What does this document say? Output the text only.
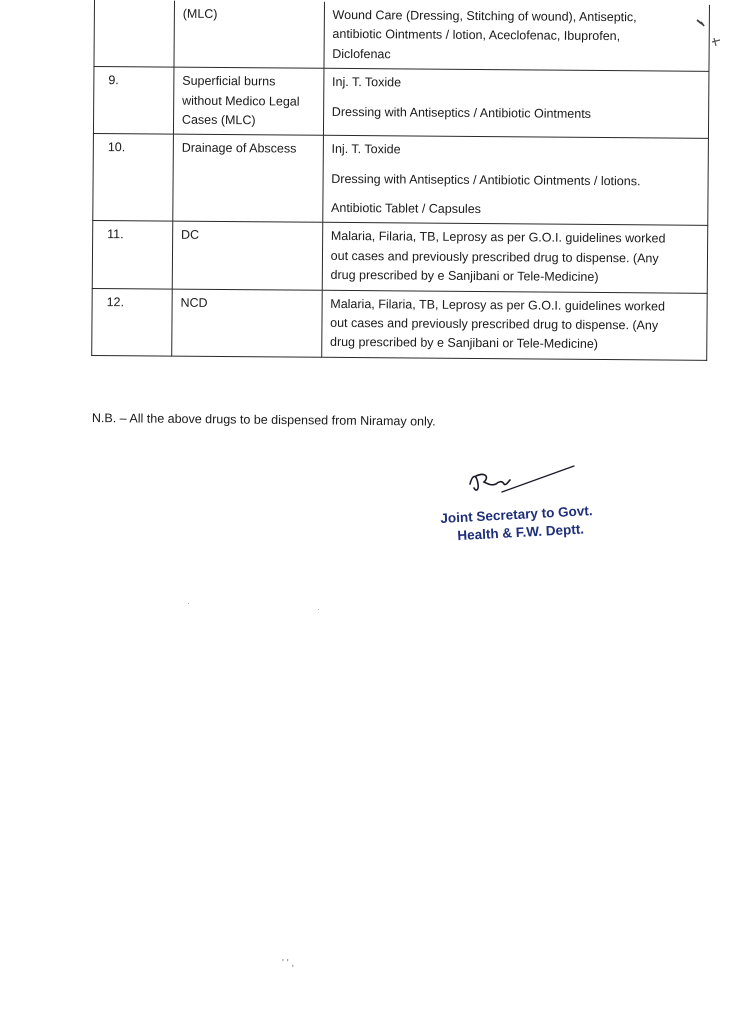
	(MLC)	Wound Care (Dressing, Stitching of wound), Antiseptic,
antibiotic Ointments / lotion, Aceclofenac, Ibuprofen,
Diclofenac

9.	Superficial burns
without Medico Legal
Cases (MLC)	Inj. T. Toxide
Dressing with Antiseptics / Antibiotic Ointments

10.	Drainage of Abscess	Inj. T. Toxide
Dressing with Antiseptics / Antibiotic Ointments / lotions.
Antibiotic Tablet / Capsules

11.	DC	Malaria, Filaria, TB, Leprosy as per G.O.I. guidelines worked
out cases and previously prescribed drug to dispense. (Any
drug prescribed by e Sanjibani or Tele-Medicine)

12.	NCD	Malaria, Filaria, TB, Leprosy as per G.O.I. guidelines worked
out cases and previously prescribed drug to dispense. (Any
drug prescribed by e Sanjibani or Tele-Medicine)
N.B. – All the above drugs to be dispensed from Niramay only.
Joint Secretary to Govt.
Health & F.W. Deptt.
' ' ,
